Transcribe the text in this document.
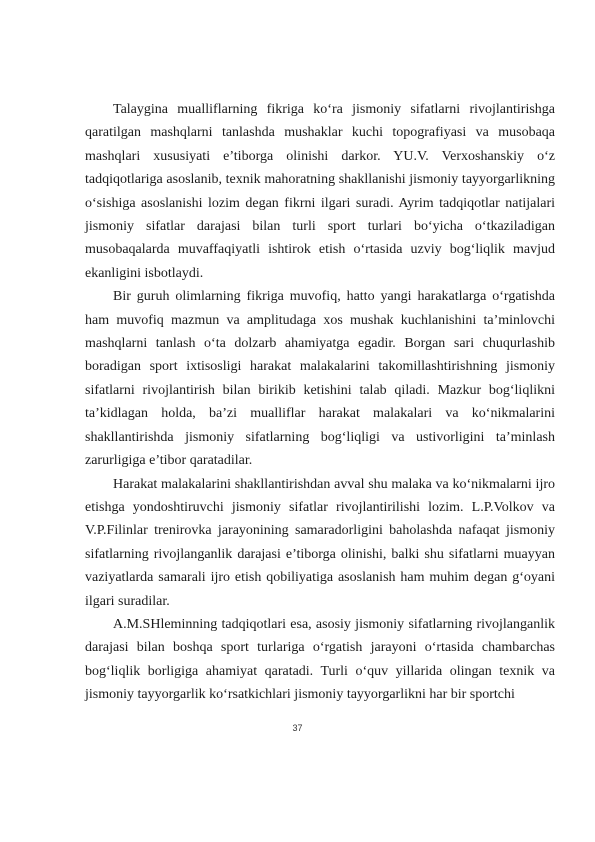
Talaygina mualliflarning fikriga ko‘ra jismoniy sifatlarni rivojlantirishga qaratilgan mashqlarni tanlashda mushaklar kuchi topografiyasi va musobaqa mashqlari xususiyati e’tiborga olinishi darkor. YU.V. Verxoshanskiy o‘z tadqiqotlariga asoslanib, texnik mahoratning shakllanishi jismoniy tayyorgarlikning o‘sishiga asoslanishi lozim degan fikrni ilgari suradi. Ayrim tadqiqotlar natijalari jismoniy sifatlar darajasi bilan turli sport turlari bo‘yicha o‘tkaziladigan musobaqalarda muvaffaqiyatli ishtirok etish o‘rtasida uzviy bog‘liqlik mavjud ekanligini isbotlaydi.

Bir guruh olimlarning fikriga muvofiq, hatto yangi harakatlarga o‘rgatishda ham muvofiq mazmun va amplitudaga xos mushak kuchlanishini ta’minlovchi mashqlarni tanlash o‘ta dolzarb ahamiyatga egadir. Borgan sari chuqurlashib boradigan sport ixtisosligi harakat malakalarini takomillashtirishning jismoniy sifatlarni rivojlantirish bilan birikib ketishini talab qiladi. Mazkur bog‘liqlikni ta’kidlagan holda, ba’zi mualliflar harakat malakalari va ko‘nikmalarini shakllantirishda jismoniy sifatlarning bog‘liqligi va ustivorligini ta’minlash zarurligiga e’tibor qaratadilar.

Harakat malakalarini shakllantirishdan avval shu malaka va ko‘nikmalarni ijro etishga yondoshtiruvchi jismoniy sifatlar rivojlantirilishi lozim. L.P.Volkov va V.P.Filinlar trenirovka jarayonining samaradorligini baholashda nafaqat jismoniy sifatlarning rivojlanganlik darajasi e’tiborga olinishi, balki shu sifatlarni muayyan vaziyatlarda samarali ijro etish qobiliyatiga asoslanish ham muhim degan g‘oyani ilgari suradilar.

A.M.SHleminning tadqiqotlari esa, asosiy jismoniy sifatlarning rivojlanganlik darajasi bilan boshqa sport turlariga o‘rgatish jarayoni o‘rtasida chambarchas bog‘liqlik borligiga ahamiyat qaratadi. Turli o‘quv yillarida olingan texnik va jismoniy tayyorgarlik ko‘rsatkichlari jismoniy tayyorgarlikni har bir sportchi

37
